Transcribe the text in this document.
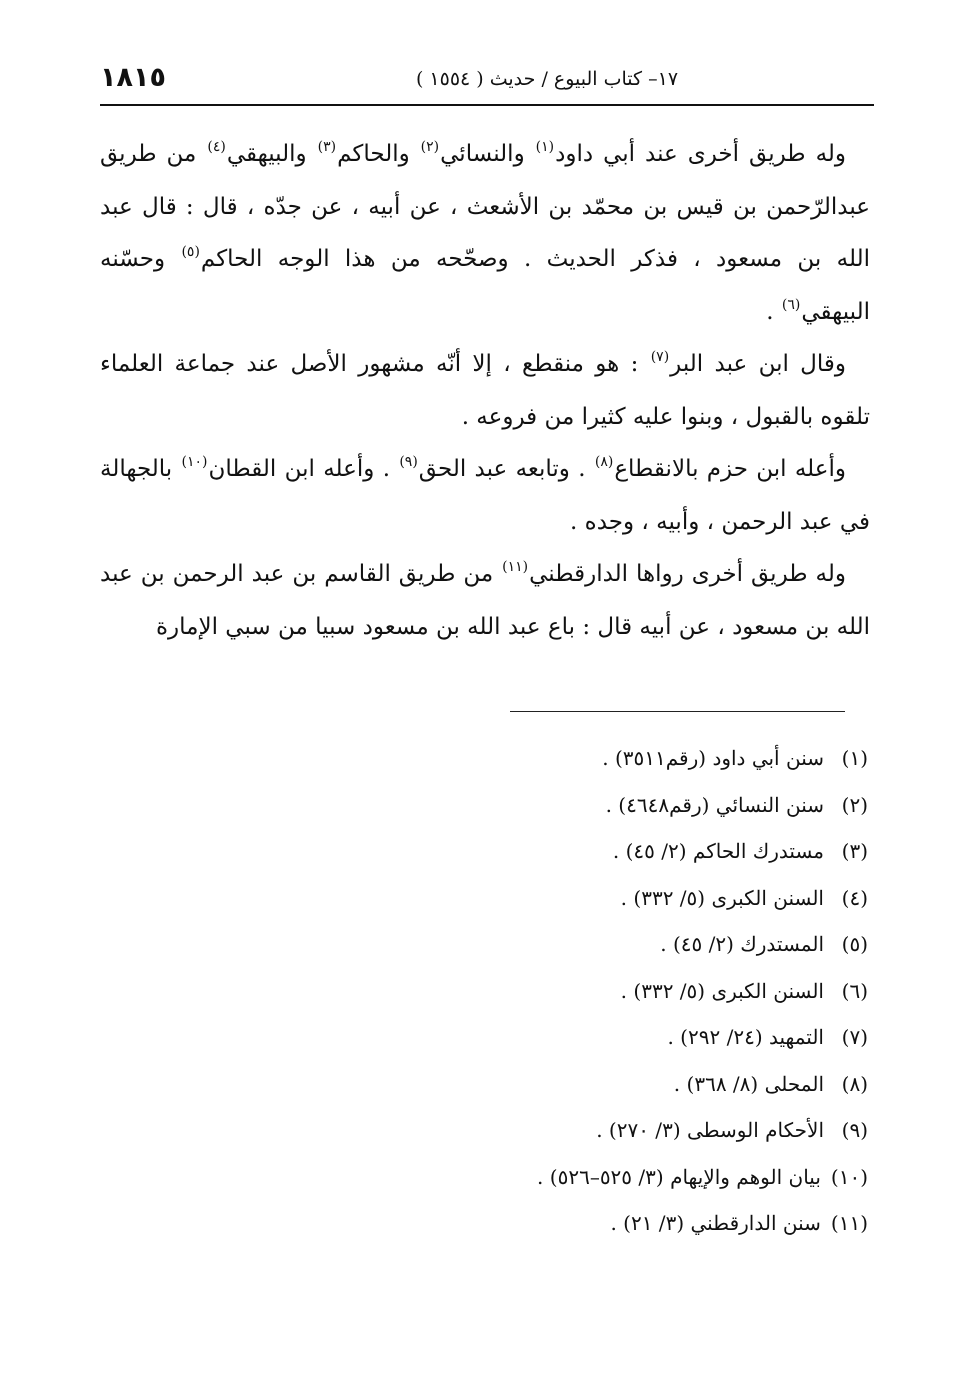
١٨١٥	١٧– كتاب البيوع / حديث ( ١٥٥٤ )

وله طريق أخرى عند أبي داود$^{(١)}$ والنسائي$^{(٢)}$ والحاكم$^{(٣)}$ والبيهقي$^{(٤)}$ من طريق عبدالرّحمن بن قيس بن محمّد بن الأشعث ، عن أبيه ، عن جدّه ، قال : قال عبد الله بن مسعود ، فذكر الحديث . وصحّحه من هذا الوجه الحاكم$^{(٥)}$ وحسّنه البيهقي$^{(٦)}$ .

وقال ابن عبد البر$^{(٧)}$ : هو منقطع ، إلا أنّه مشهور الأصل عند جماعة العلماء تلقوه بالقبول ، وبنوا عليه كثيرا من فروعه .

وأعله ابن حزم بالانقطاع$^{(٨)}$ . وتابعه عبد الحق$^{(٩)}$ . وأعله ابن القطان$^{(١٠)}$ بالجهالة في عبد الرحمن ، وأبيه ، وجده .

وله طريق أخرى رواها الدارقطني$^{(١١)}$ من طريق القاسم بن عبد الرحمن بن عبد الله بن مسعود ، عن أبيه قال : باع عبد الله بن مسعود سبيا من سبي الإمارة

(١)سنن أبي داود (رقم٣٥١١) .
(٢)سنن النسائي (رقم٤٦٤٨) .
(٣)مستدرك الحاكم (٢/ ٤٥) .
(٤)السنن الكبرى (٥/ ٣٣٢) .
(٥)المستدرك (٢/ ٤٥) .
(٦)السنن الكبرى (٥/ ٣٣٢) .
(٧)التمهيد (٢٤/ ٢٩٢) .
(٨)المحلى (٨/ ٣٦٨) .
(٩)الأحكام الوسطى (٣/ ٢٧٠) .
(١٠)بيان الوهم والإيهام (٣/ ٥٢٥–٥٢٦) .
(١١)سنن الدارقطني (٣/ ٢١) .
